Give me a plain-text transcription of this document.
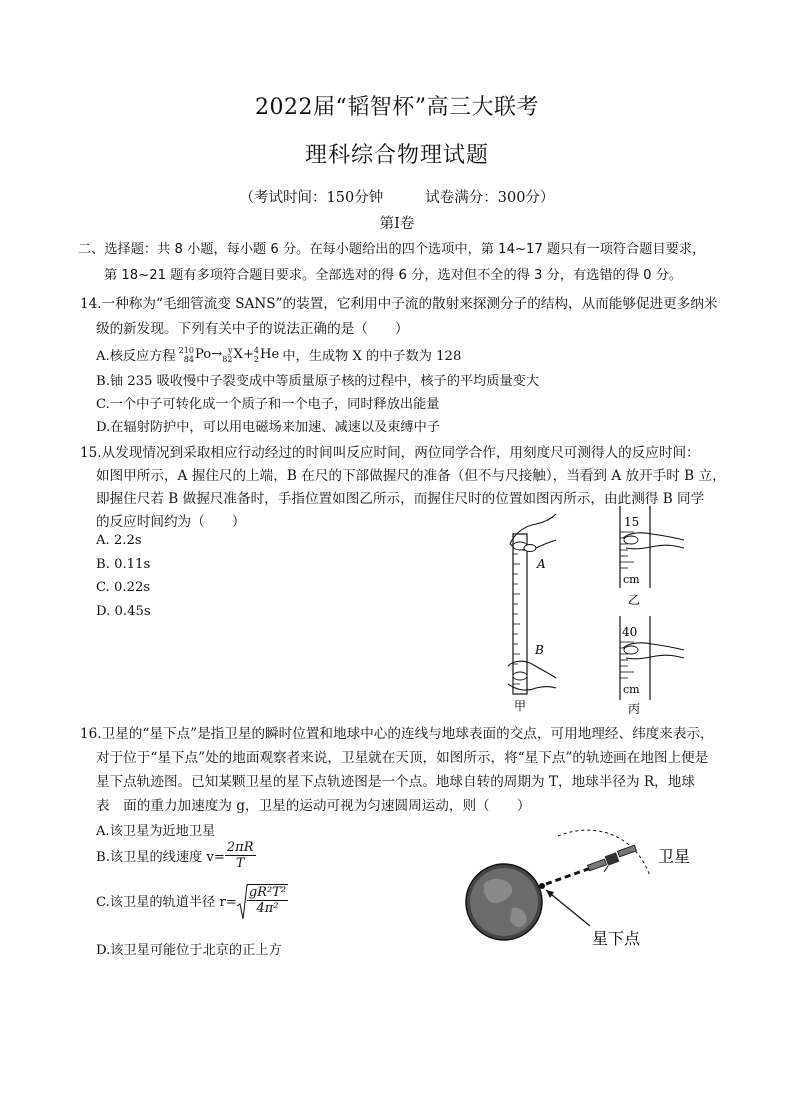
2022届“韬智杯”高三大联考
理科综合物理试题
（考试时间：150分钟	试卷满分：300分）
第Ⅰ卷
二、选择题：共 8 小题，每小题 6 分。在每小题给出的四个选项中，第 14~17 题只有一项符合题目要求，
第 18~21 题有多项符合题目要求。全部选对的得 6 分，选对但不全的得 3 分，有选错的得 0 分。
14.一种称为“毛细管流变 SANS”的装置，它利用中子流的散射来探测分子的结构，从而能够促进更多纳米
级的新发现。下列有关中子的说法正确的是（　　）
A.核反应方程 210
84 Po → y
82 X+ 4
2 He 中，生成物 X 的中子数为 128
B.铀 235 吸收慢中子裂变成中等质量原子核的过程中，核子的平均质量变大
C.一个中子可转化成一个质子和一个电子，同时释放出能量
D.在辐射防护中，可以用电磁场来加速、减速以及束缚中子
15.从发现情况到采取相应行动经过的时间叫反应时间，两位同学合作，用刻度尺可测得人的反应时间：
如图甲所示，A 握住尺的上端，B 在尺的下部做握尺的准备（但不与尺接触），当看到 A 放开手时 B 立，
即握住尺若 B 做握尺准备时，手指位置如图乙所示，而握住尺时的位置如图丙所示，由此测得 B 同学
的反应时间约为（　　）
A. 2.2s
B. 0.11s
C. 0.22s
D. 0.45s
A
B
甲
15
cm
乙
40
cm
丙
16.卫星的“星下点”是指卫星的瞬时位置和地球中心的连线与地球表面的交点，可用地理经、纬度来表示，
对于位于“星下点”处的地面观察者来说，卫星就在天顶，如图所示，将“星下点”的轨迹画在地图上便是
星下点轨迹图。已知某颗卫星的星下点轨迹图是一个点。地球自转的周期为 T，地球半径为 R，地球
表　面的重力加速度为 g，卫星的运动可视为匀速圆周运动，则（　　）
A.该卫星为近地卫星
B.该卫星的线速度 $v= \frac{2\pi R}{T}$
C.该卫星的轨道半径 $r= \frac{\text{gR²T²}}{\text{4π²}}$
D.该卫星可能位于北京的正上方
卫星
星下点
